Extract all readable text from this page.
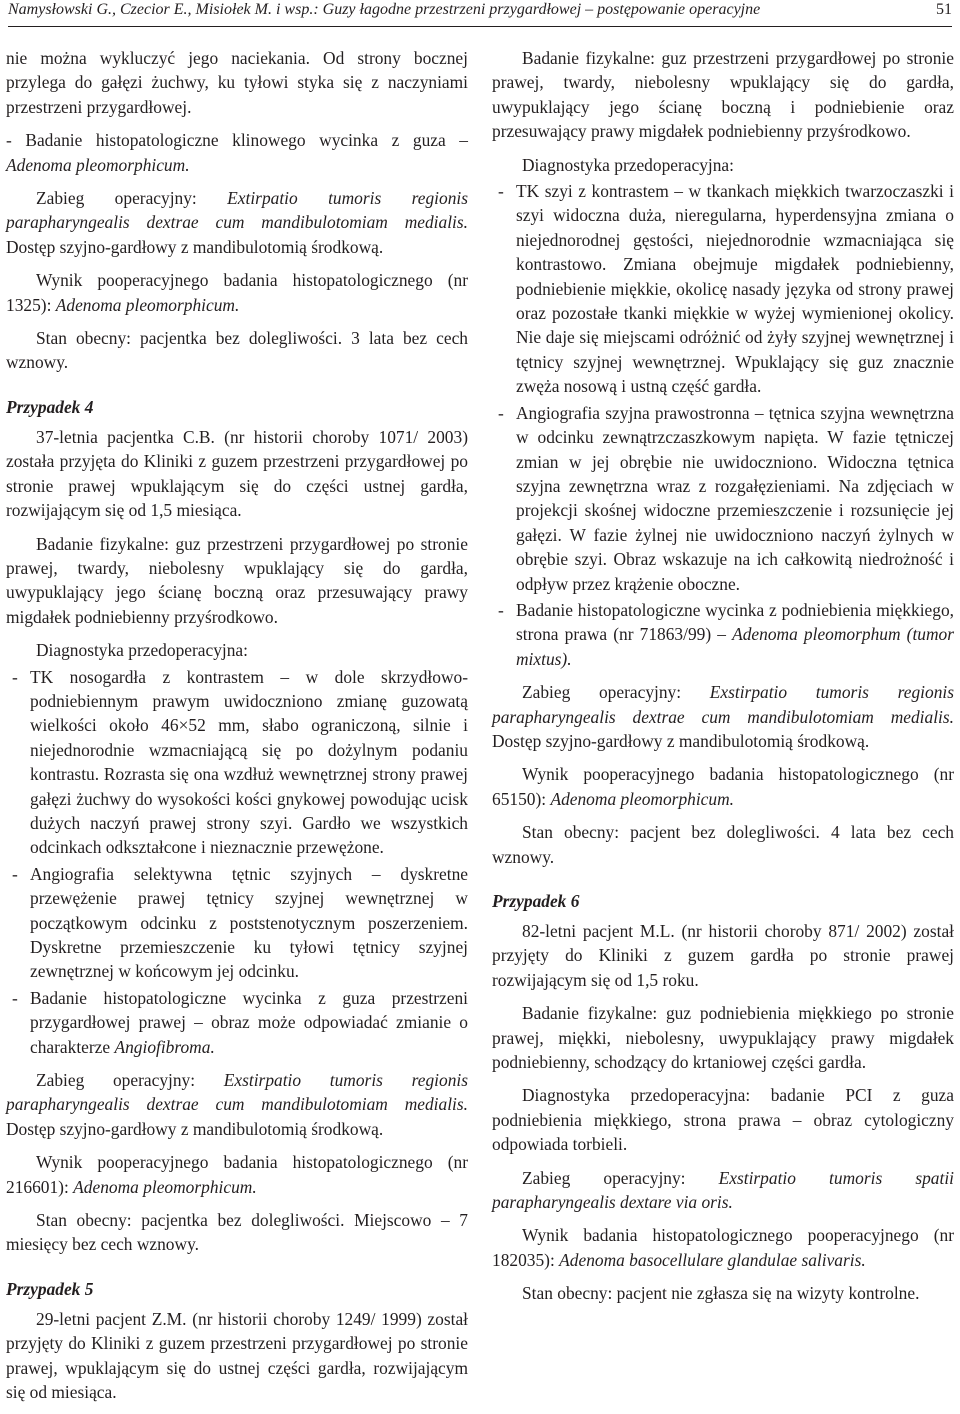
Namysłowski G., Czecior E., Misiołek M. i wsp.: Guzy łagodne przestrzeni przygardłowej – postępowanie operacyjne	51

nie można wykluczyć jego naciekania. Od strony bocznej przylega do gałęzi żuchwy, ku tyłowi styka się z naczyniami przestrzeni przygardłowej.

- Badanie histopatologiczne klinowego wycinka z guza – Adenoma pleomorphicum.

Zabieg operacyjny: Extirpatio tumoris regionis parapharyngealis dextrae cum mandibulotomiam medialis. Dostęp szyjno-gardłowy z mandibulotomią środkową.

Wynik pooperacyjnego badania histopatologicznego (nr 1325): Adenoma pleomorphicum.

Stan obecny: pacjentka bez dolegliwości. 3 lata bez cech wznowy.

Przypadek 4

37-letnia pacjentka C.B. (nr historii choroby 1071/ 2003) została przyjęta do Kliniki z guzem przestrzeni przygardłowej po stronie prawej wpuklającym się do części ustnej gardła, rozwijającym się od 1,5 miesiąca.

Badanie fizykalne: guz przestrzeni przygardłowej po stronie prawej, twardy, niebolesny wpuklający się do gardła, uwypuklający jego ścianę boczną oraz przesuwający prawy migdałek podniebienny przyśrodkowo.

Diagnostyka przedoperacyjna:

- TK nosogardła z kontrastem – w dole skrzydłowo-podniebiennym prawym uwidoczniono zmianę guzowatą wielkości około 46×52 mm, słabo ograniczoną, silnie i niejednorodnie wzmacniającą się po dożylnym podaniu kontrastu. Rozrasta się ona wzdłuż wewnętrznej strony prawej gałęzi żuchwy do wysokości kości gnykowej powodując ucisk dużych naczyń prawej strony szyi. Gardło we wszystkich odcinkach odkształcone i nieznacznie przewężone.
- Angiografia selektywna tętnic szyjnych – dyskretne przewężenie prawej tętnicy szyjnej wewnętrznej w początkowym odcinku z poststenotycznym poszerzeniem. Dyskretne przemieszczenie ku tyłowi tętnicy szyjnej zewnętrznej w końcowym jej odcinku.
- Badanie histopatologiczne wycinka z guza przestrzeni przygardłowej prawej – obraz może odpowiadać zmianie o charakterze Angiofibroma.

Zabieg operacyjny: Exstirpatio tumoris regionis parapharyngealis dextrae cum mandibulotomiam medialis. Dostęp szyjno-gardłowy z mandibulotomią środkową.

Wynik pooperacyjnego badania histopatologicznego (nr 216601): Adenoma pleomorphicum.

Stan obecny: pacjentka bez dolegliwości. Miejscowo – 7 miesięcy bez cech wznowy.

Przypadek 5

29-letni pacjent Z.M. (nr historii choroby 1249/ 1999) został przyjęty do Kliniki z guzem przestrzeni przygardłowej po stronie prawej, wpuklającym się do ustnej części gardła, rozwijającym się od miesiąca.

Badanie fizykalne: guz przestrzeni przygardłowej po stronie prawej, twardy, niebolesny wpuklający się do gardła, uwypuklający jego ścianę boczną i podniebienie oraz przesuwający prawy migdałek podniebienny przyśrodkowo.

Diagnostyka przedoperacyjna:

- TK szyi z kontrastem – w tkankach miękkich twarzoczaszki i szyi widoczna duża, nieregularna, hyperdensyjna zmiana o niejednorodnej gęstości, niejednorodnie wzmacniająca się kontrastowo. Zmiana obejmuje migdałek podniebienny, podniebienie miękkie, okolicę nasady języka od strony prawej oraz pozostałe tkanki miękkie w wyżej wymienionej okolicy. Nie daje się miejscami odróżnić od żyły szyjnej wewnętrznej i tętnicy szyjnej wewnętrznej. Wpuklający się guz znacznie zwęża nosową i ustną część gardła.
- Angiografia szyjna prawostronna – tętnica szyjna wewnętrzna w odcinku zewnątrzczaszkowym napięta. W fazie tętniczej zmian w jej obrębie nie uwidoczniono. Widoczna tętnica szyjna zewnętrzna wraz z rozgałęzieniami. Na zdjęciach w projekcji skośnej widoczne przemieszczenie i rozsunięcie jej gałęzi. W fazie żylnej nie uwidoczniono naczyń żylnych w obrębie szyi. Obraz wskazuje na ich całkowitą niedrożność i odpływ przez krążenie oboczne.
- Badanie histopatologiczne wycinka z podniebienia miękkiego, strona prawa (nr 71863/99) – Adenoma pleomorphum (tumor mixtus).

Zabieg operacyjny: Exstirpatio tumoris regionis parapharyngealis dextrae cum mandibulotomiam medialis. Dostęp szyjno-gardłowy z mandibulotomią środkową.

Wynik pooperacyjnego badania histopatologicznego (nr 65150): Adenoma pleomorphicum.

Stan obecny: pacjent bez dolegliwości. 4 lata bez cech wznowy.

Przypadek 6

82-letni pacjent M.L. (nr historii choroby 871/ 2002) został przyjęty do Kliniki z guzem gardła po stronie prawej rozwijającym się od 1,5 roku.

Badanie fizykalne: guz podniebienia miękkiego po stronie prawej, miękki, niebolesny, uwypuklający prawy migdałek podniebienny, schodzący do krtaniowej części gardła.

Diagnostyka przedoperacyjna: badanie PCI z guza podniebienia miękkiego, strona prawa – obraz cytologiczny odpowiada torbieli.

Zabieg operacyjny: Exstirpatio tumoris spatii parapharyngealis dextare via oris.

Wynik badania histopatologicznego pooperacyjnego (nr 182035): Adenoma basocellulare glandulae salivaris.

Stan obecny: pacjent nie zgłasza się na wizyty kontrolne.
